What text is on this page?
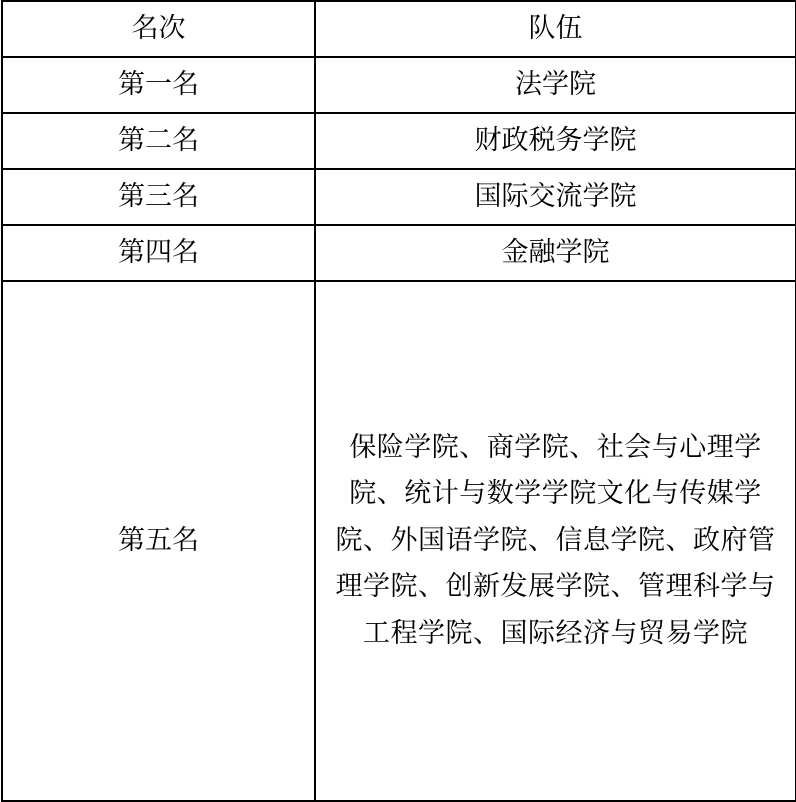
名次	队伍
第一名	法学院
第二名	财政税务学院
第三名	国际交流学院
第四名	金融学院
第五名	保险学院、商学院、社会与心理学院、统计与数学学院文化与传媒学院、外国语学院、信息学院、政府管理学院、创新发展学院、管理科学与工程学院、国际经济与贸易学院
